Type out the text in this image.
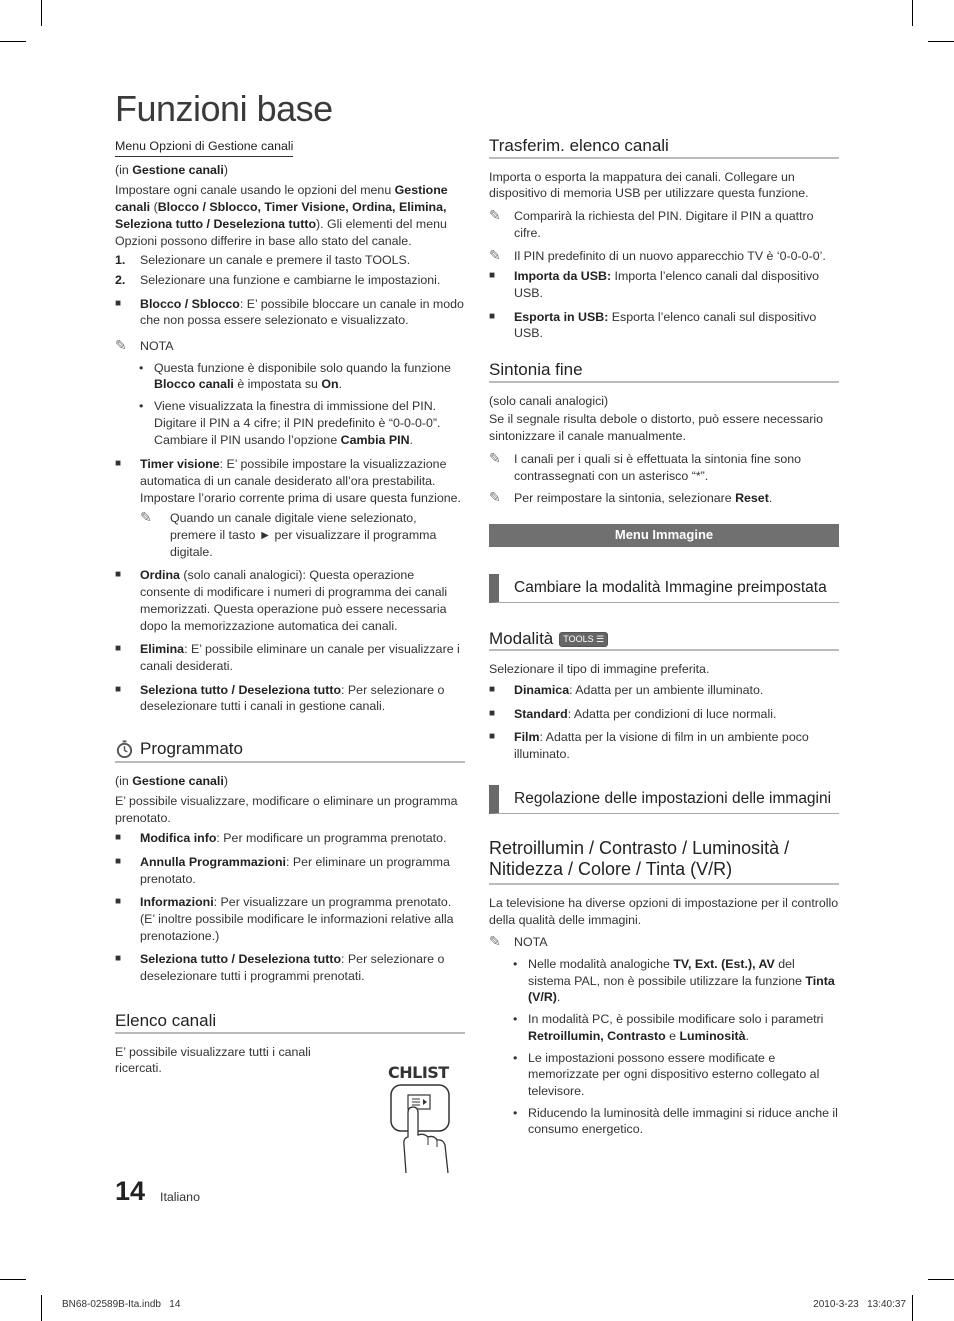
Funzioni base
Menu Opzioni di Gestione canali

(in Gestione canali)

Impostare ogni canale usando le opzioni del menu Gestione canali (Blocco / Sblocco, Timer Visione, Ordina, Elimina, Seleziona tutto / Deseleziona tutto). Gli elementi del menu Opzioni possono differire in base allo stato del canale.

1.	Selezionare un canale e premere il tasto TOOLS.
2.	Selezionare una funzione e cambiarne le impostazioni.
■	Blocco / Sblocco: E’ possibile bloccare un canale in modo che non possa essere selezionato e visualizzato.
✎	NOTA
• Questa funzione è disponibile solo quando la funzione Blocco canali è impostata su On.
• Viene visualizzata la finestra di immissione del PIN. Digitare il PIN a 4 cifre; il PIN predefinito è “0-0-0-0”. Cambiare il PIN usando l’opzione Cambia PIN.
■	Timer visione: E’ possibile impostare la visualizzazione automatica di un canale desiderato all’ora prestabilita. Impostare l’orario corrente prima di usare questa funzione.
✎	Quando un canale digitale viene selezionato, premere il tasto ► per visualizzare il programma digitale.
■	Ordina (solo canali analogici): Questa operazione consente di modificare i numeri di programma dei canali memorizzati. Questa operazione può essere necessaria dopo la memorizzazione automatica dei canali.
■	Elimina: E’ possibile eliminare un canale per visualizzare i canali desiderati.
■	Seleziona tutto / Deseleziona tutto: Per selezionare o deselezionare tutti i canali in gestione canali.
Programmato

(in Gestione canali)

E’ possibile visualizzare, modificare o eliminare un programma prenotato.

■	Modifica info: Per modificare un programma prenotato.
■	Annulla Programmazioni: Per eliminare un programma prenotato.
■	Informazioni: Per visualizzare un programma prenotato. (E’ inoltre possibile modificare le informazioni relative alla prenotazione.)
■	Seleziona tutto / Deseleziona tutto: Per selezionare o deselezionare tutti i programmi prenotati.
Elenco canali

E’ possibile visualizzare tutti i canali ricercati.	CHLIST
Trasferim. elenco canali

Importa o esporta la mappatura dei canali. Collegare un dispositivo di memoria USB per utilizzare questa funzione.

✎	Comparirà la richiesta del PIN. Digitare il PIN a quattro cifre.
✎	Il PIN predefinito di un nuovo apparecchio TV è ‘0-0-0-0’.
■	Importa da USB: Importa l’elenco canali dal dispositivo USB.
■	Esporta in USB: Esporta l’elenco canali sul dispositivo USB.
Sintonia fine

(solo canali analogici)

Se il segnale risulta debole o distorto, può essere necessario sintonizzare il canale manualmente.

✎	I canali per i quali si è effettuata la sintonia fine sono contrassegnati con un asterisco “*”.
✎	Per reimpostare la sintonia, selezionare Reset.
Menu Immagine
Cambiare la modalità Immagine preimpostata
Modalità TOOLS ☰

Selezionare il tipo di immagine preferita.

■	Dinamica: Adatta per un ambiente illuminato.
■	Standard: Adatta per condizioni di luce normali.
■	Film: Adatta per la visione di film in un ambiente poco illuminato.
Regolazione delle impostazioni delle immagini
Retroillumin / Contrasto / Luminosità / Nitidezza / Colore / Tinta (V/R)

La televisione ha diverse opzioni di impostazione per il controllo della qualità delle immagini.

✎	NOTA
• Nelle modalità analogiche TV, Ext. (Est.), AV del sistema PAL, non è possibile utilizzare la funzione Tinta (V/R).
• In modalità PC, è possibile modificare solo i parametri Retroillumin, Contrasto e Luminosità.
• Le impostazioni possono essere modificate e memorizzate per ogni dispositivo esterno collegato al televisore.
• Riducendo la luminosità delle immagini si riduce anche il consumo energetico.
14 Italiano
BN68-02589B-Ita.indb   14	2010-3-23   13:40:37
